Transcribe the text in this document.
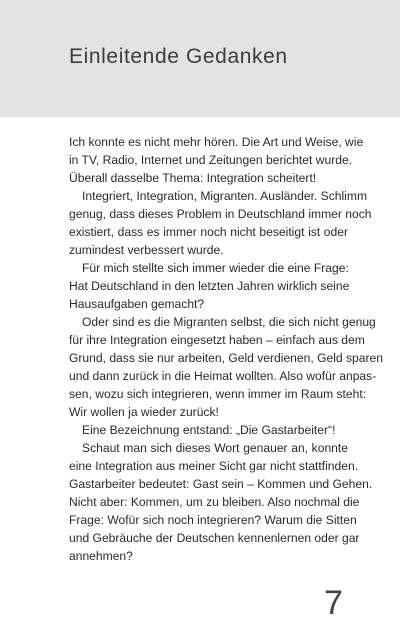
Einleitende Gedanken
Ich konnte es nicht mehr hören. Die Art und Weise, wie
in TV, Radio, Internet und Zeitungen berichtet wurde.
Überall dasselbe Thema: Integration scheitert!
Integriert, Integration, Migranten. Ausländer. Schlimm
genug, dass dieses Problem in Deutschland immer noch
existiert, dass es immer noch nicht beseitigt ist oder
zumindest verbessert wurde.
Für mich stellte sich immer wieder die eine Frage:
Hat Deutschland in den letzten Jahren wirklich seine
Hausaufgaben gemacht?
Oder sind es die Migranten selbst, die sich nicht genug
für ihre Integration eingesetzt haben – einfach aus dem
Grund, dass sie nur arbeiten, Geld verdienen, Geld sparen
und dann zurück in die Heimat wollten. Also wofür anpas-
sen, wozu sich integrieren, wenn immer im Raum steht:
Wir wollen ja wieder zurück!
Eine Bezeichnung entstand: „Die Gastarbeiter“!
Schaut man sich dieses Wort genauer an, konnte
eine Integration aus meiner Sicht gar nicht stattfinden.
Gastarbeiter bedeutet: Gast sein – Kommen und Gehen.
Nicht aber: Kommen, um zu bleiben. Also nochmal die
Frage: Wofür sich noch integrieren? Warum die Sitten
und Gebräuche der Deutschen kennenlernen oder gar
annehmen?
7
